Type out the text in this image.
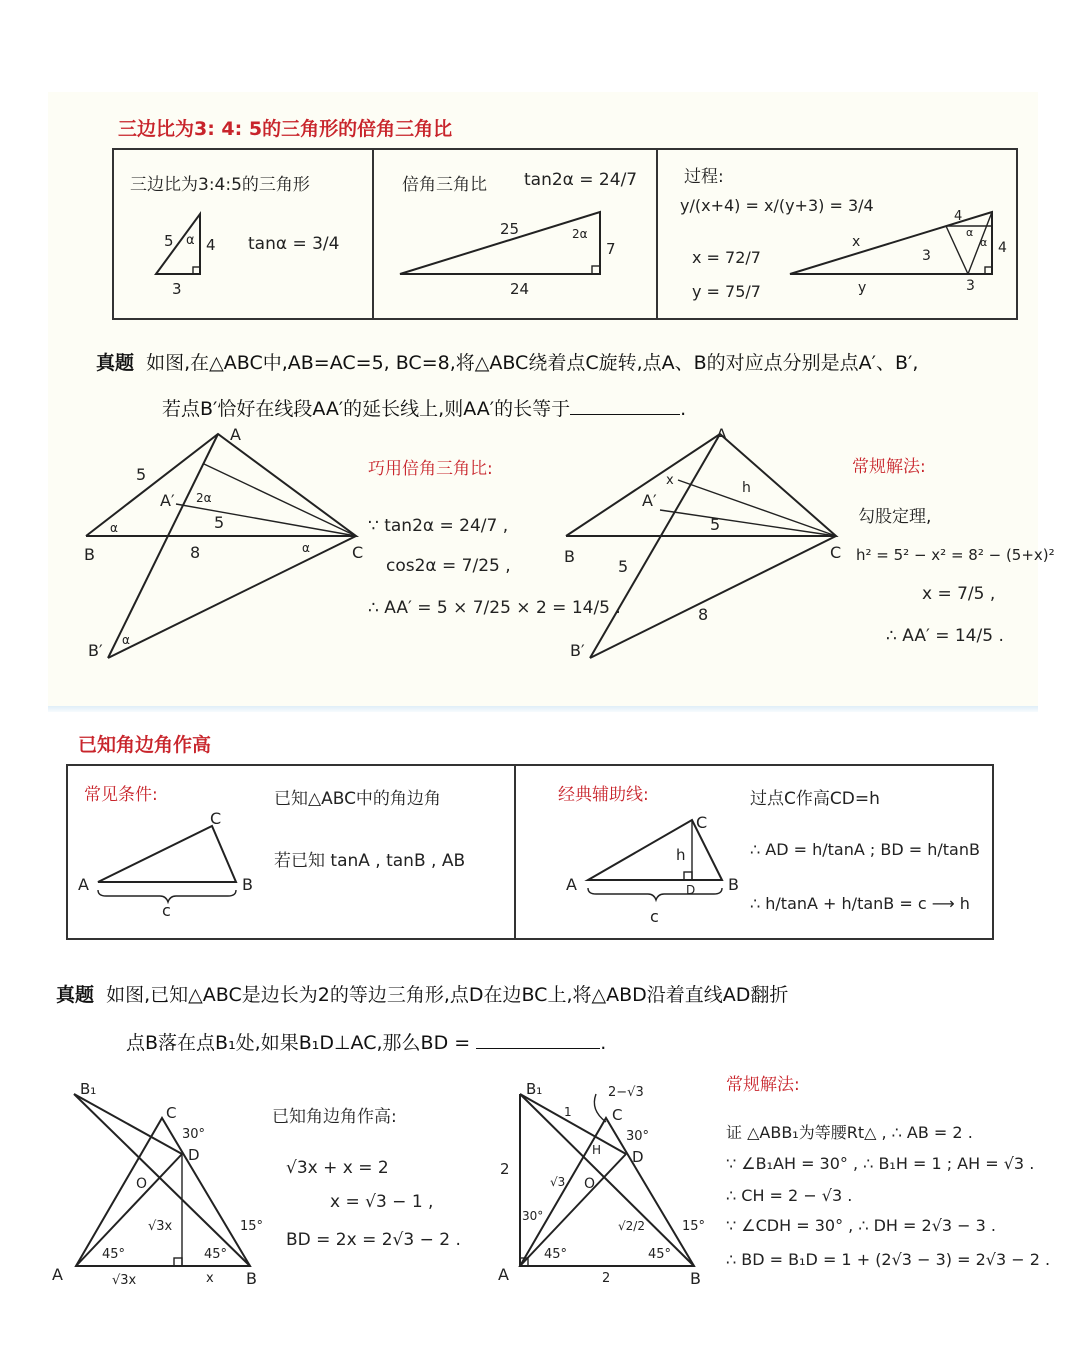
三边比为3: 4: 5的三角形的倍角三角比
三边比为3:4:5的三角形
tanα = 3/4
5 α 4
3
倍角三角比 tan2α = 24/7
25	2α
7
24
过程:
y/(x+4) = x/(y+3) = 3/4
x = 72/7
y = 75/7
4
α
α 4
x
3
y	3
真题 如图,在△ABC中,AB=AC=5, BC=8,将△ABC绕着点C旋转,点A、B的对应点分别是点A′、B′,
若点B′恰好在线段AA′的延长线上,则AA′的长等于	.
A
5
A′ 2α
5
α
B	8	α	C
B′
α
巧用倍角三角比:
∵ tan2α = 24/7 ,
cos2α = 7/25 ,
∴ AA′ = 5 × 7/25 × 2 = 14/5 .
A
x	h
A′
5
B
5
C
8
B′
常规解法:
勾股定理,
h² = 5² − x² = 8² − (5+x)²
x = 7/5 ,
∴ AA′ = 14/5 .
已知角边角作高
常见条件:	已知△ABC中的角边角
若已知 tanA , tanB , AB
C
A	B
c
经典辅助线:	过点C作高CD=h
∴ AD = h/tanA ; BD = h/tanB
∴ h/tanA + h/tanB = c ⟶ h
C
h
A	D B
c
真题 如图,已知△ABC是边长为2的等边三角形,点D在边BC上,将△ABD沿着直线AD翻折
点B落在点B₁处,如果B₁D⊥AC,那么BD =	.
B₁
C
30°
D
O
√3x	15°
45°	45°
A	√3x	x B
已知角边角作高:
√3x + x = 2
x = √3 − 1 ,
BD = 2x = 2√3 − 2 .
B₁	2−√3
C
30°
1
H D
2
√3 O
30°
√2/2	15°
45°	45°
A	2	B
常规解法:
证 △ABB₁为等腰Rt△ , ∴ AB = 2 .
∵ ∠B₁AH = 30° , ∴ B₁H = 1 ; AH = √3 .
∴ CH = 2 − √3 .
∵ ∠CDH = 30° , ∴ DH = 2√3 − 3 .
∴ BD = B₁D = 1 + (2√3 − 3) = 2√3 − 2 .
